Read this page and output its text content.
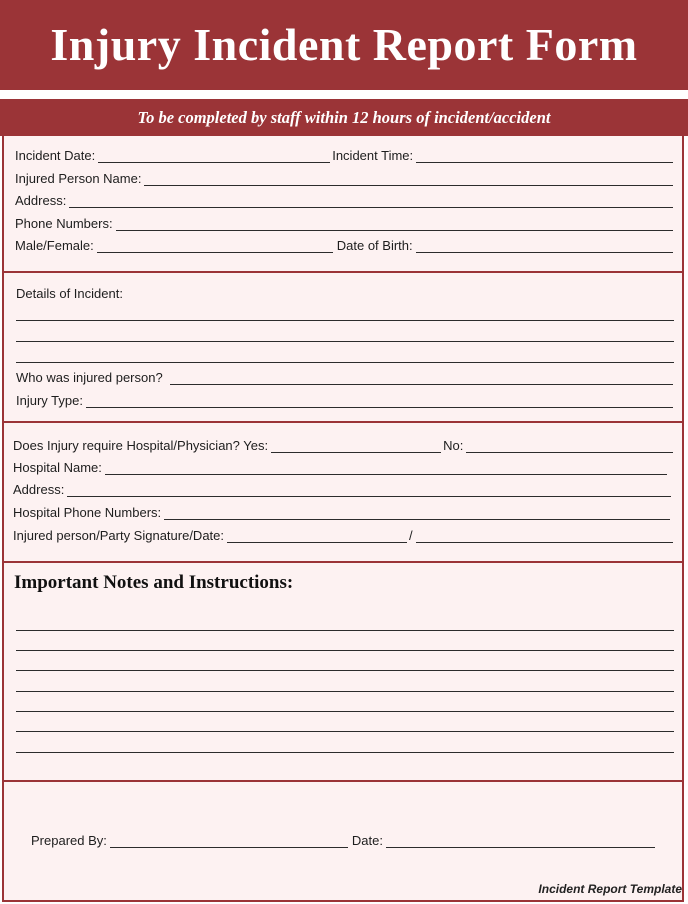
Injury Incident Report Form
To be completed by staff within 12 hours of incident/accident
Incident Date:	Incident Time:
Injured Person Name:
Address:
Phone Numbers:
Male/Female:	Date of Birth:
Details of Incident:
Who was injured person?
Injury Type:
Does Injury require Hospital/Physician? Yes:	No:
Hospital Name:
Address:
Hospital Phone Numbers:
Injured person/Party Signature/Date:	/
Important Notes and Instructions:
Prepared By:	Date:
Incident Report Template
